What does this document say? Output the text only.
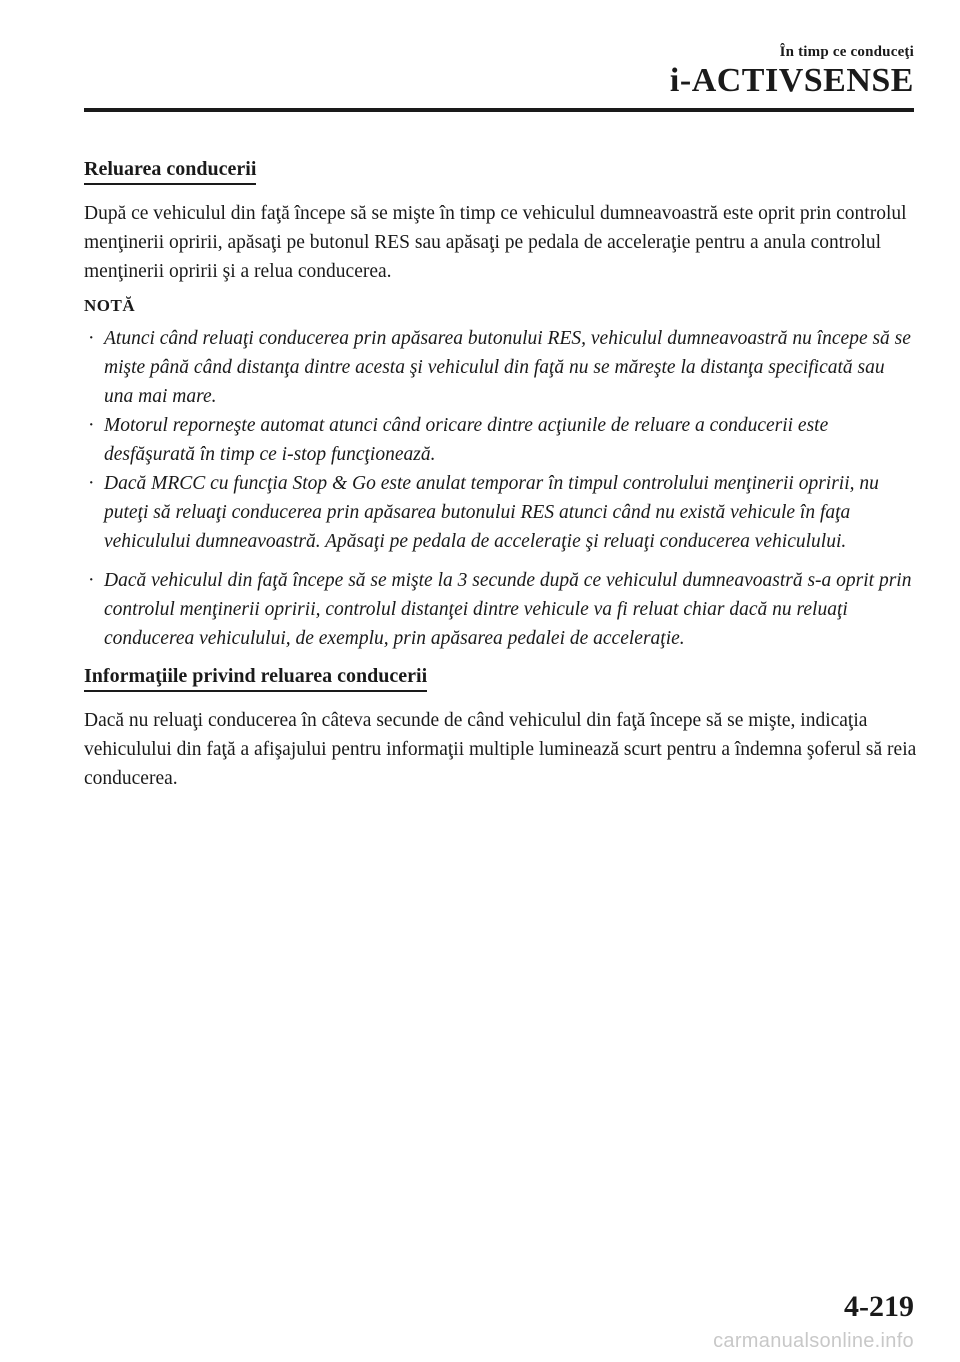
În timp ce conduceţi
i-ACTIVSENSE
Reluarea conducerii

După ce vehiculul din faţă începe să se mişte în timp ce vehiculul dumneavoastră este oprit prin controlul menţinerii opririi, apăsaţi pe butonul RES sau apăsaţi pe pedala de acceleraţie pentru a anula controlul menţinerii opririi şi a relua conducerea.

NOTĂ
· Atunci când reluaţi conducerea prin apăsarea butonului RES, vehiculul dumneavoastră nu începe să se mişte până când distanţa dintre acesta şi vehiculul din faţă nu se măreşte la distanţa specificată sau una mai mare.
· Motorul reporneşte automat atunci când oricare dintre acţiunile de reluare a conducerii este desfăşurată în timp ce i-stop funcţionează.
· Dacă MRCC cu funcţia Stop & Go este anulat temporar în timpul controlului menţinerii opririi, nu puteţi să reluaţi conducerea prin apăsarea butonului RES atunci când nu există vehicule în faţa vehiculului dumneavoastră. Apăsaţi pe pedala de acceleraţie şi reluaţi conducerea vehiculului.
· Dacă vehiculul din faţă începe să se mişte la 3 secunde după ce vehiculul dumneavoastră s-a oprit prin controlul menţinerii opririi, controlul distanţei dintre vehicule va fi reluat chiar dacă nu reluaţi conducerea vehiculului, de exemplu, prin apăsarea pedalei de acceleraţie.
Informaţiile privind reluarea conducerii

Dacă nu reluaţi conducerea în câteva secunde de când vehiculul din faţă începe să se mişte, indicaţia vehiculului din faţă a afişajului pentru informaţii multiple luminează scurt pentru a îndemna şoferul să reia conducerea.

4-219
carmanualsonline.info
